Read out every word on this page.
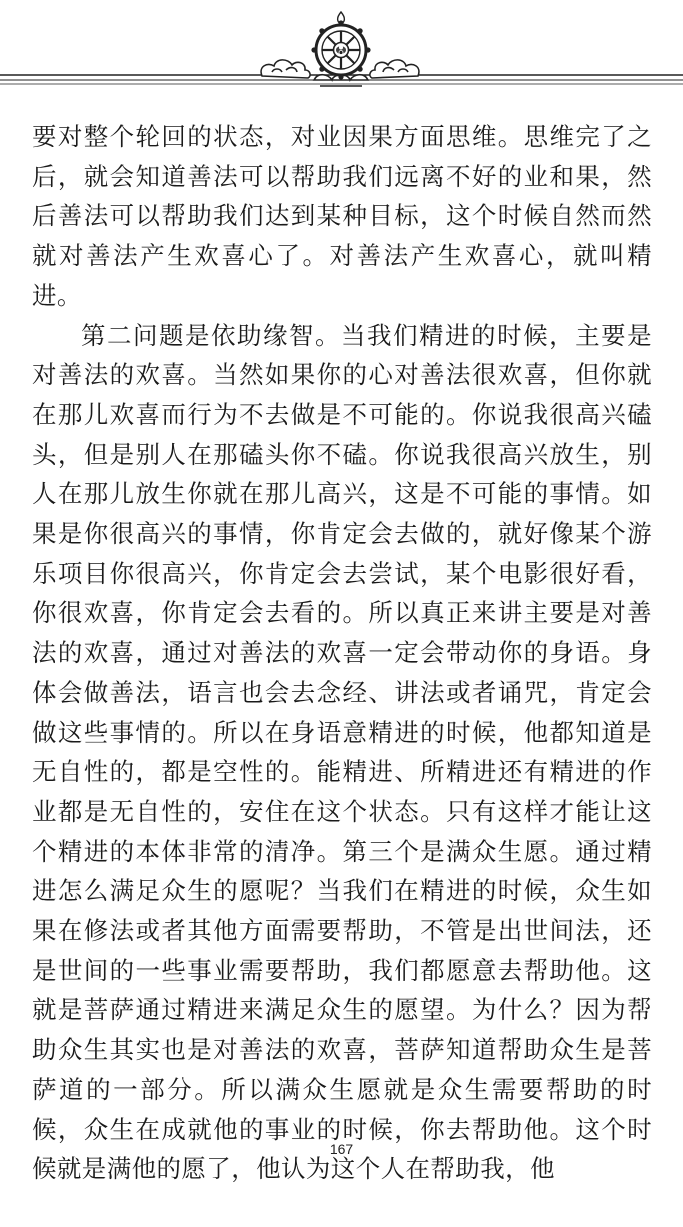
要对整个轮回的状态，对业因果方面思维。思维完了之后，就会知道善法可以帮助我们远离不好的业和果，然后善法可以帮助我们达到某种目标，这个时候自然而然就对善法产生欢喜心了。对善法产生欢喜心，就叫精进。

第二问题是依助缘智。当我们精进的时候，主要是对善法的欢喜。当然如果你的心对善法很欢喜，但你就在那儿欢喜而行为不去做是不可能的。你说我很高兴磕头，但是别人在那磕头你不磕。你说我很高兴放生，别人在那儿放生你就在那儿高兴，这是不可能的事情。如果是你很高兴的事情，你肯定会去做的，就好像某个游乐项目你很高兴，你肯定会去尝试，某个电影很好看，你很欢喜，你肯定会去看的。所以真正来讲主要是对善法的欢喜，通过对善法的欢喜一定会带动你的身语。身体会做善法，语言也会去念经、讲法或者诵咒，肯定会做这些事情的。所以在身语意精进的时候，他都知道是无自性的，都是空性的。能精进、所精进还有精进的作业都是无自性的，安住在这个状态。只有这样才能让这个精进的本体非常的清净。第三个是满众生愿。通过精进怎么满足众生的愿呢？当我们在精进的时候，众生如果在修法或者其他方面需要帮助，不管是出世间法，还是世间的一些事业需要帮助，我们都愿意去帮助他。这就是菩萨通过精进来满足众生的愿望。为什么？因为帮助众生其实也是对善法的欢喜，菩萨知道帮助众生是菩萨道的一部分。所以满众生愿就是众生需要帮助的时候，众生在成就他的事业的时候，你去帮助他。这个时候就是满他的愿了，他认为这个人在帮助我，他

167
